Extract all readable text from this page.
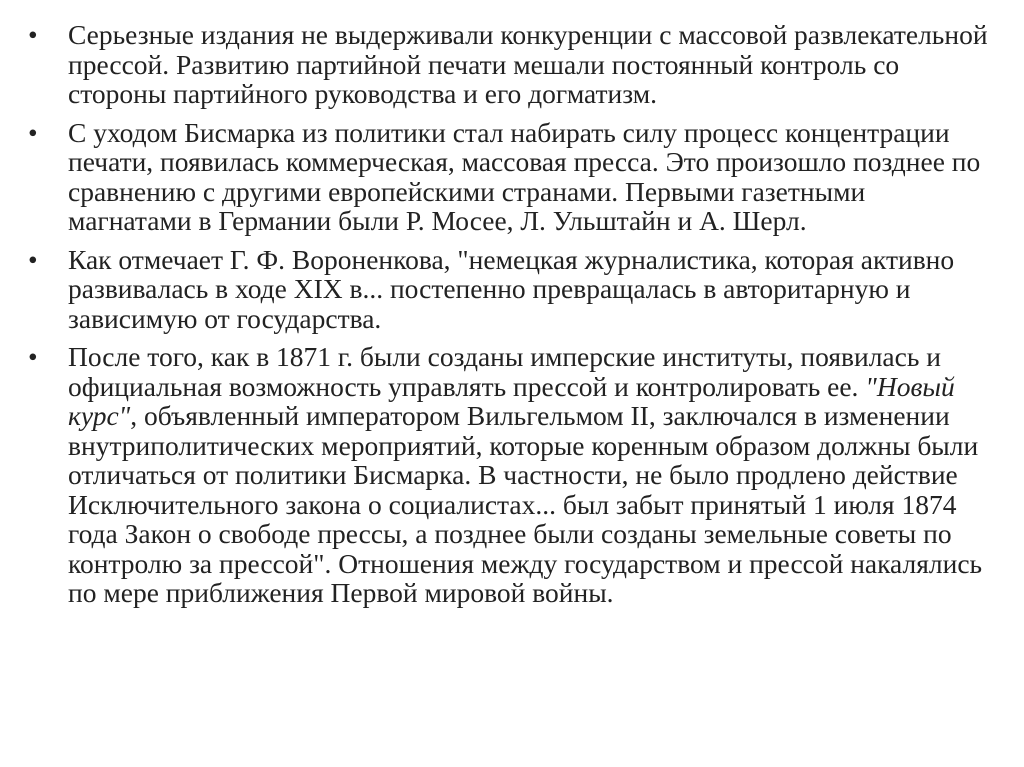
•	Серьезные издания не выдерживали конкуренции с массовой развлекательной прессой. Развитию партийной печати мешали постоянный контроль со стороны партийного руководства и его догматизм.
•	С уходом Бисмарка из политики стал набирать силу процесс концентрации печати, появилась коммерческая, массовая пресса. Это произошло позднее по сравнению с другими европейскими странами. Первыми газетными магнатами в Германии были Р. Мосее, Л. Ульштайн и А. Шерл.
•	Как отмечает Г. Ф. Вороненкова, "немецкая журналистика, которая активно развивалась в ходе XIX в... постепенно превращалась в авторитарную и зависимую от государства.
•	После того, как в 1871 г. были созданы имперские институты, появилась и официальная возможность управлять прессой и контролировать ее. "Новый курс", объявленный императором Вильгельмом II, заключался в изменении внутриполитических мероприятий, которые коренным образом должны были отличаться от политики Бисмарка. В частности, не было продлено действие Исключительного закона о социалистах... был забыт принятый 1 июля 1874 года Закон о свободе прессы, а позднее были созданы земельные советы по контролю за прессой". Отношения между государством и прессой накалялись по мере приближения Первой мировой войны.
